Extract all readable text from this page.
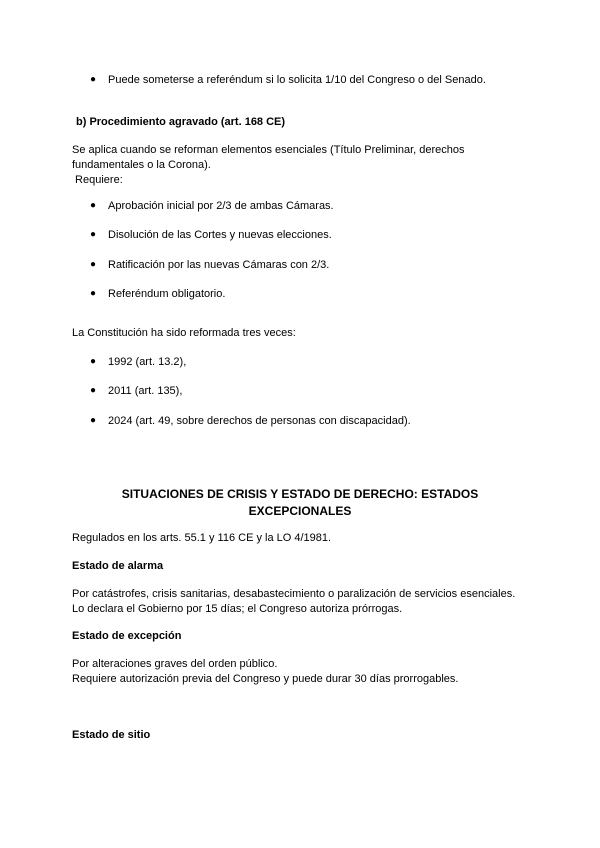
● Puede someterse a referéndum si lo solicita 1/10 del Congreso o del Senado.
b) Procedimiento agravado (art. 168 CE)
Se aplica cuando se reforman elementos esenciales (Título Preliminar, derechos
fundamentales o la Corona).
Requiere:
● Aprobación inicial por 2/3 de ambas Cámaras.
● Disolución de las Cortes y nuevas elecciones.
● Ratificación por las nuevas Cámaras con 2/3.
● Referéndum obligatorio.
La Constitución ha sido reformada tres veces:
● 1992 (art. 13.2),
● 2011 (art. 135),
● 2024 (art. 49, sobre derechos de personas con discapacidad).
SITUACIONES DE CRISIS Y ESTADO DE DERECHO: ESTADOS
EXCEPCIONALES
Regulados en los arts. 55.1 y 116 CE y la LO 4/1981.
Estado de alarma
Por catástrofes, crisis sanitarias, desabastecimiento o paralización de servicios esenciales.
Lo declara el Gobierno por 15 días; el Congreso autoriza prórrogas.
Estado de excepción
Por alteraciones graves del orden público.
Requiere autorización previa del Congreso y puede durar 30 días prorrogables.
Estado de sitio
